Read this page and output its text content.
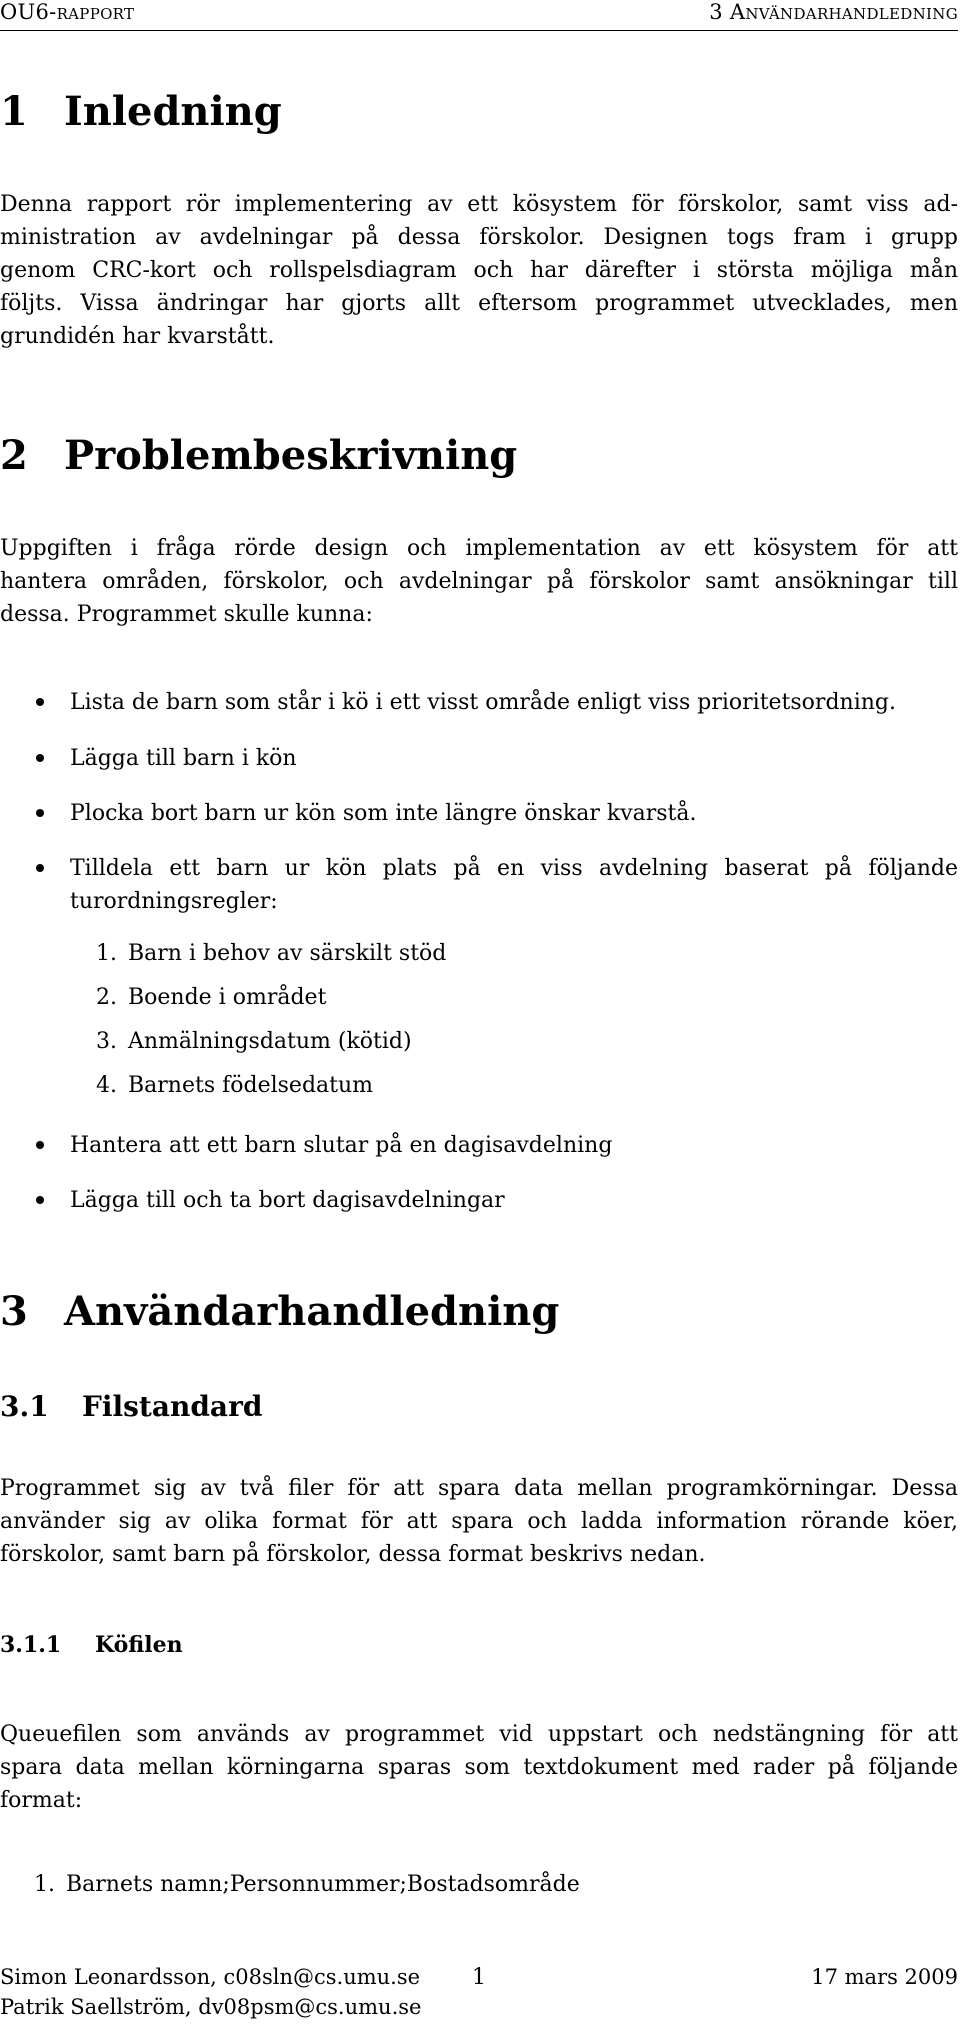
OU6-rapport	3 Användarhandledning
1 Inledning
Denna rapport rör implementering av ett kösystem för förskolor, samt viss ad-
ministration av avdelningar på dessa förskolor. Designen togs fram i grupp
genom CRC-kort och rollspelsdiagram och har därefter i största möjliga mån
följts. Vissa ändringar har gjorts allt eftersom programmet utvecklades, men
grundidén har kvarstått.
2 Problembeskrivning
Uppgiften i fråga rörde design och implementation av ett kösystem för att
hantera områden, förskolor, och avdelningar på förskolor samt ansökningar till
dessa. Programmet skulle kunna:
Lista de barn som står i kö i ett visst område enligt viss prioritetsordning.
Lägga till barn i kön
Plocka bort barn ur kön som inte längre önskar kvarstå.
Tilldela ett barn ur kön plats på en viss avdelning baserat på följande
turordningsregler:
Hantera att ett barn slutar på en dagisavdelning
Lägga till och ta bort dagisavdelningar
1. Barn i behov av särskilt stöd
2. Boende i området
3. Anmälningsdatum (kötid)
4. Barnets födelsedatum
3 Användarhandledning
3.1 Filstandard
Programmet sig av två filer för att spara data mellan programkörningar. Dessa
använder sig av olika format för att spara och ladda information rörande köer,
förskolor, samt barn på förskolor, dessa format beskrivs nedan.
3.1.1 Köfilen
Queuefilen som används av programmet vid uppstart och nedstängning för att
spara data mellan körningarna sparas som textdokument med rader på följande
format:
1. Barnets namn;Personnummer;Bostadsområde
Simon Leonardsson, c08sln@cs.umu.se
Patrik Saellström, dv08psm@cs.umu.se
1	17 mars 2009
